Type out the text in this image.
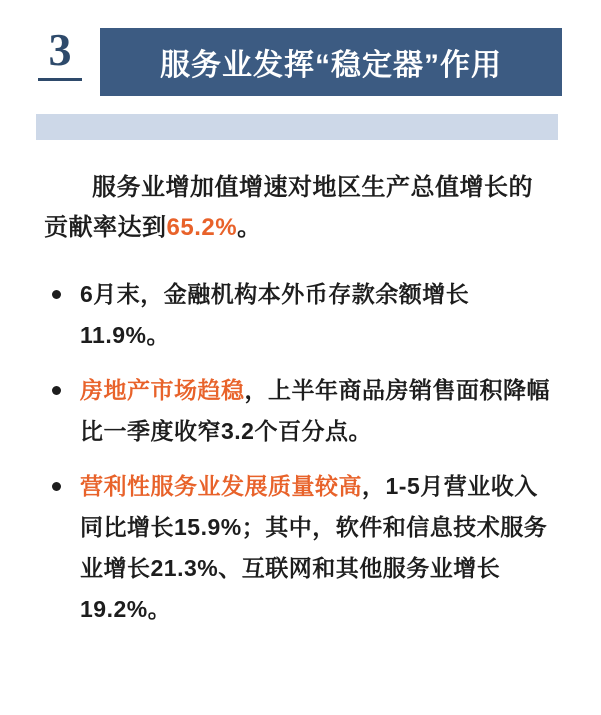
3	服务业发挥“稳定器”作用

服务业增加值增速对地区生产总值增长的贡献率达到65.2%。

6月末，金融机构本外币存款余额增长11.9%。
房地产市场趋稳，上半年商品房销售面积降幅比一季度收窄3.2个百分点。
营利性服务业发展质量较高，1-5月营业收入同比增长15.9%；其中，软件和信息技术服务业增长21.3%、互联网和其他服务业增长19.2%。
